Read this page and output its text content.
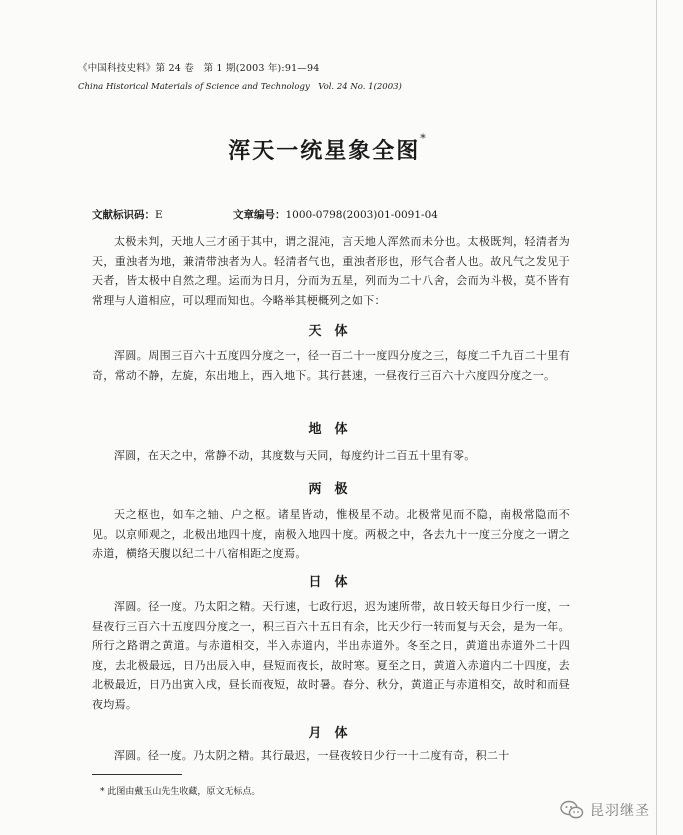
《中国科技史料》第 24 卷　第 1 期(2003 年):91—94
China Historical Materials of Science and Technology　Vol. 24 No. 1(2003)
浑天一统星象全图*
文献标识码：E	文章编号：1000-0798(2003)01-0091-04

太极未判，天地人三才函于其中，谓之混沌，言天地人浑然而未分也。太极既判，轻清者为天，重浊者为地，兼清带浊者为人。轻清者气也，重浊者形也，形气合者人也。故凡气之发见于天者，皆太极中自然之理。运而为日月，分而为五星，列而为二十八舍，会而为斗极，莫不皆有常理与人道相应，可以理而知也。今略举其梗概列之如下：

天　体

浑圆。周围三百六十五度四分度之一，径一百二十一度四分度之三，每度二千九百二十里有奇，常动不静，左旋，东出地上，西入地下。其行甚速，一昼夜行三百六十六度四分度之一。

地　体

浑圆，在天之中，常静不动，其度数与天同，每度约计二百五十里有零。

两　极

天之枢也，如车之轴、户之枢。诸星皆动，惟极星不动。北极常见而不隐，南极常隐而不见。以京师观之，北极出地四十度，南极入地四十度。两极之中，各去九十一度三分度之一谓之赤道，横络天腹以纪二十八宿相距之度焉。

日　体

浑圆。径一度。乃太阳之精。天行速，七政行迟，迟为速所带，故日较天每日少行一度，一昼夜行三百六十五度四分度之一，积三百六十五日有余，比天少行一转而复与天会，是为一年。所行之路谓之黄道。与赤道相交，半入赤道内，半出赤道外。冬至之日，黄道出赤道外二十四度，去北极最远，日乃出辰入申，昼短而夜长，故时寒。夏至之日，黄道入赤道内二十四度，去北极最近，日乃出寅入戌，昼长而夜短，故时暑。春分、秋分，黄道正与赤道相交，故时和而昼夜均焉。

月　体

浑圆。径一度。乃太阴之精。其行最迟，一昼夜较日少行一十二度有奇，积二十

* 此图由戴玉山先生收藏，原文无标点。
昆羽继圣
